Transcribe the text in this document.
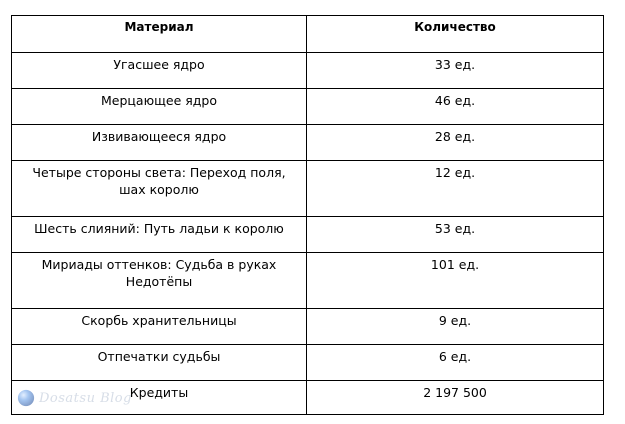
Материал	Количество
Угасшее ядро	33 ед.
Мерцающее ядро	46 ед.
Извивающееся ядро	28 ед.
Четыре стороны света: Переход поля, шах королю	12 ед.
Шесть слияний: Путь ладьи к королю	53 ед.
Мириады оттенков: Судьба в руках Недотёпы	101 ед.
Скорбь хранительницы	9 ед.
Отпечатки судьбы	6 ед.
Кредиты	2 197 500
Dosatsu Blog
